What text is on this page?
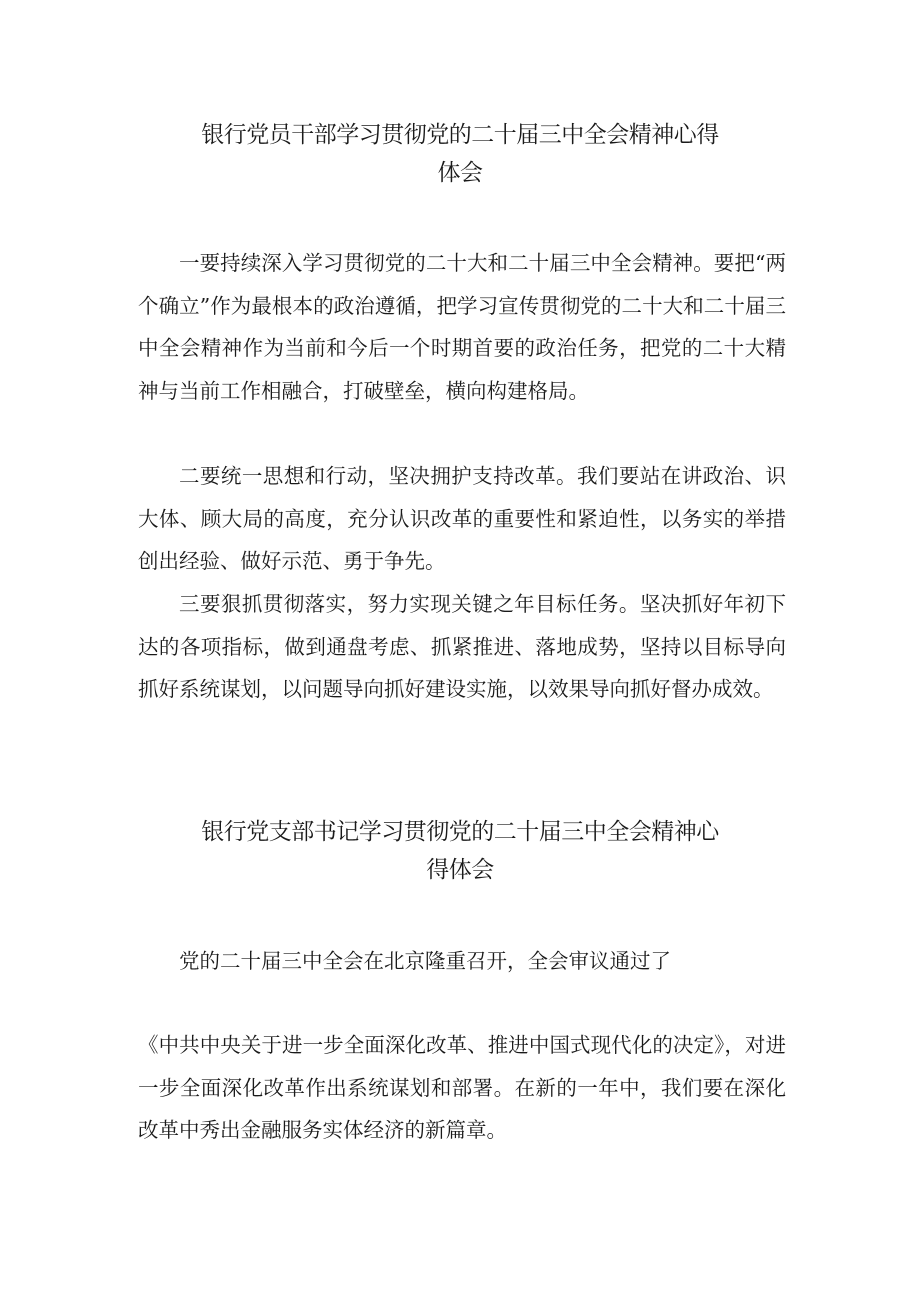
银行党员干部学习贯彻党的二十届三中全会精神心得
体会

一要持续深入学习贯彻党的二十大和二十届三中全会精神。要把“两个确立”作为最根本的政治遵循，把学习宣传贯彻党的二十大和二十届三中全会精神作为当前和今后一个时期首要的政治任务，把党的二十大精神与当前工作相融合，打破壁垒，横向构建格局。

二要统一思想和行动，坚决拥护支持改革。我们要站在讲政治、识大体、顾大局的高度，充分认识改革的重要性和紧迫性，以务实的举措创出经验、做好示范、勇于争先。

三要狠抓贯彻落实，努力实现关键之年目标任务。坚决抓好年初下达的各项指标，做到通盘考虑、抓紧推进、落地成势，坚持以目标导向抓好系统谋划，以问题导向抓好建设实施，以效果导向抓好督办成效。

银行党支部书记学习贯彻党的二十届三中全会精神心
得体会

党的二十届三中全会在北京隆重召开，全会审议通过了

《中共中央关于进一步全面深化改革、推进中国式现代化的决定》，对进一步全面深化改革作出系统谋划和部署。在新的一年中，我们要在深化改革中秀出金融服务实体经济的新篇章。
